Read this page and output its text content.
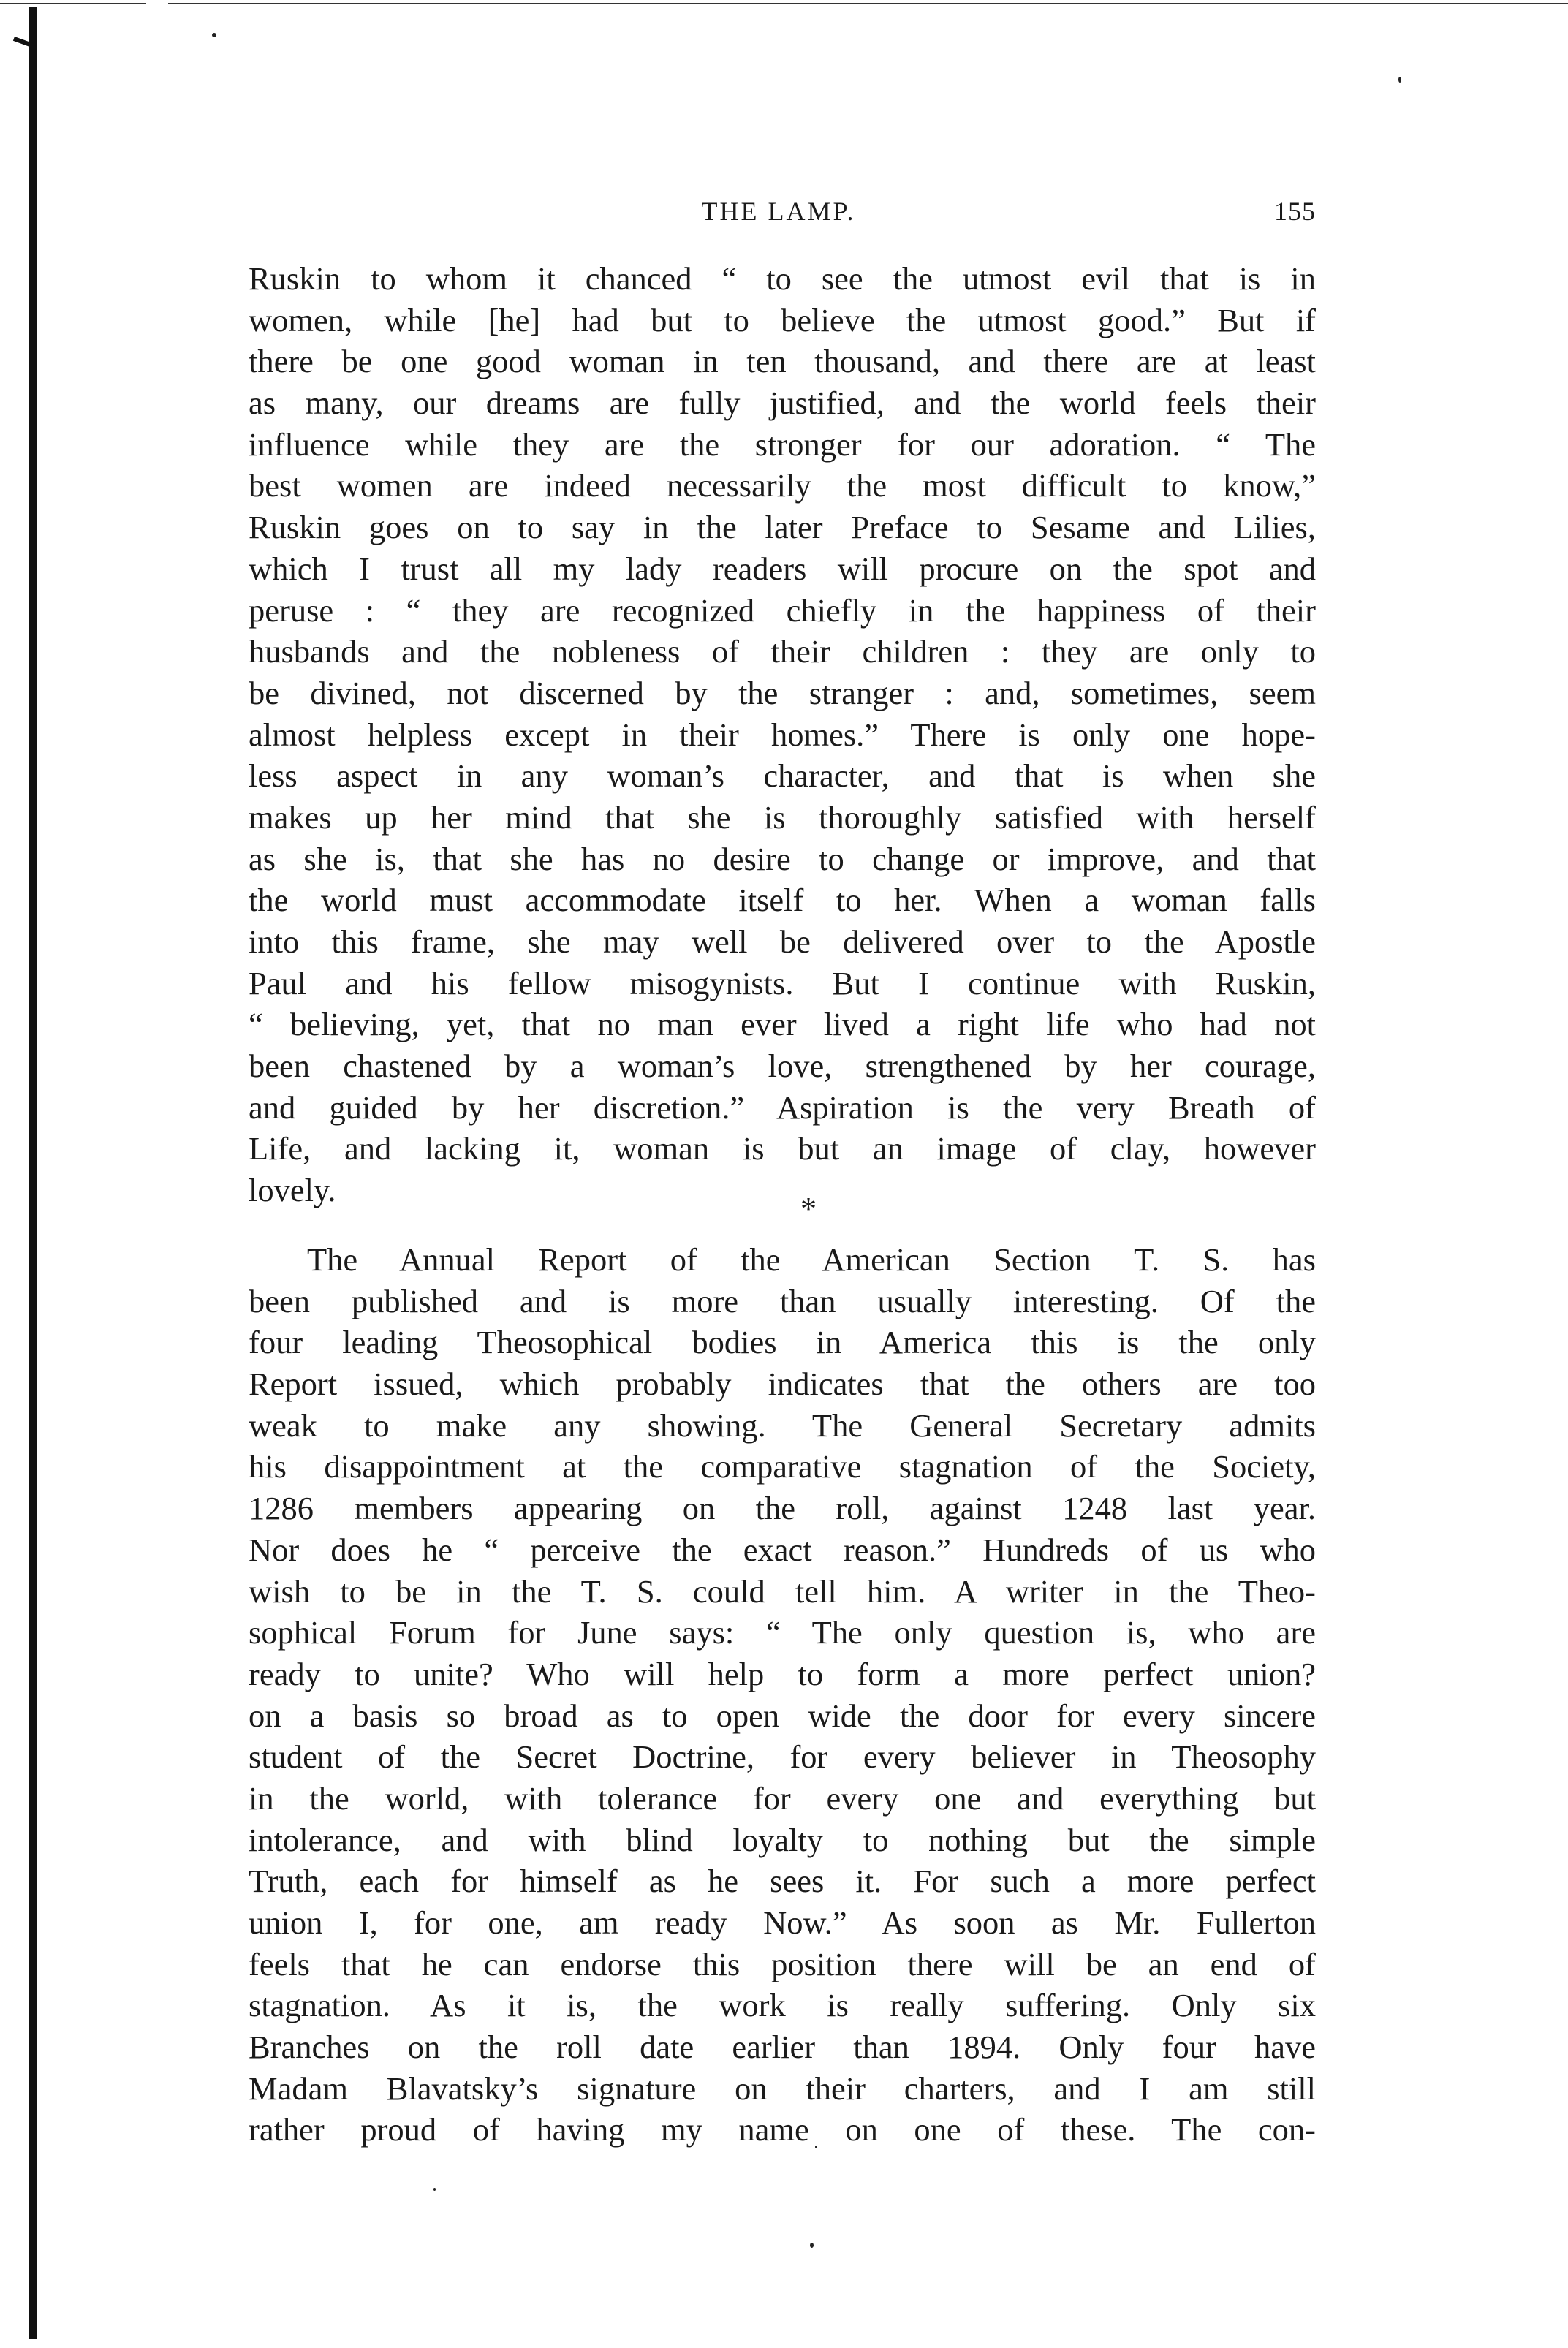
THE LAMP.	155
Ruskin to whom it chanced “ to see the utmost evil that is in
women, while [he] had but to believe the utmost good.” But if
there be one good woman in ten thousand, and there are at least
as many, our dreams are fully justified, and the world feels their
influence while they are the stronger for our adoration. “ The
best women are indeed necessarily the most difficult to know,”
Ruskin goes on to say in the later Preface to Sesame and Lilies,
which I trust all my lady readers will procure on the spot and
peruse : “ they are recognized chiefly in the happiness of their
husbands and the nobleness of their children : they are only to
be divined, not discerned by the stranger : and, sometimes, seem
almost helpless except in their homes.” There is only one hope-
less aspect in any woman’s character, and that is when she
makes up her mind that she is thoroughly satisfied with herself
as she is, that she has no desire to change or improve, and that
the world must accommodate itself to her. When a woman falls
into this frame, she may well be delivered over to the Apostle
Paul and his fellow misogynists. But I continue with Ruskin,
“ believing, yet, that no man ever lived a right life who had not
been chastened by a woman’s love, strengthened by her courage,
and guided by her discretion.” Aspiration is the very Breath of
Life, and lacking it, woman is but an image of clay, however
lovely.
*
The Annual Report of the American Section T. S. has
been published and is more than usually interesting. Of the
four leading Theosophical bodies in America this is the only
Report issued, which probably indicates that the others are too
weak to make any showing. The General Secretary admits
his disappointment at the comparative stagnation of the Society,
1286 members appearing on the roll, against 1248 last year.
Nor does he “ perceive the exact reason.” Hundreds of us who
wish to be in the T. S. could tell him. A writer in the Theo-
sophical Forum for June says: “ The only question is, who are
ready to unite? Who will help to form a more perfect union?
on a basis so broad as to open wide the door for every sincere
student of the Secret Doctrine, for every believer in Theosophy
in the world, with tolerance for every one and everything but
intolerance, and with blind loyalty to nothing but the simple
Truth, each for himself as he sees it. For such a more perfect
union I, for one, am ready Now.” As soon as Mr. Fullerton
feels that he can endorse this position there will be an end of
stagnation. As it is, the work is really suffering. Only six
Branches on the roll date earlier than 1894. Only four have
Madam Blavatsky’s signature on their charters, and I am still
rather proud of having my name on one of these. The con-
